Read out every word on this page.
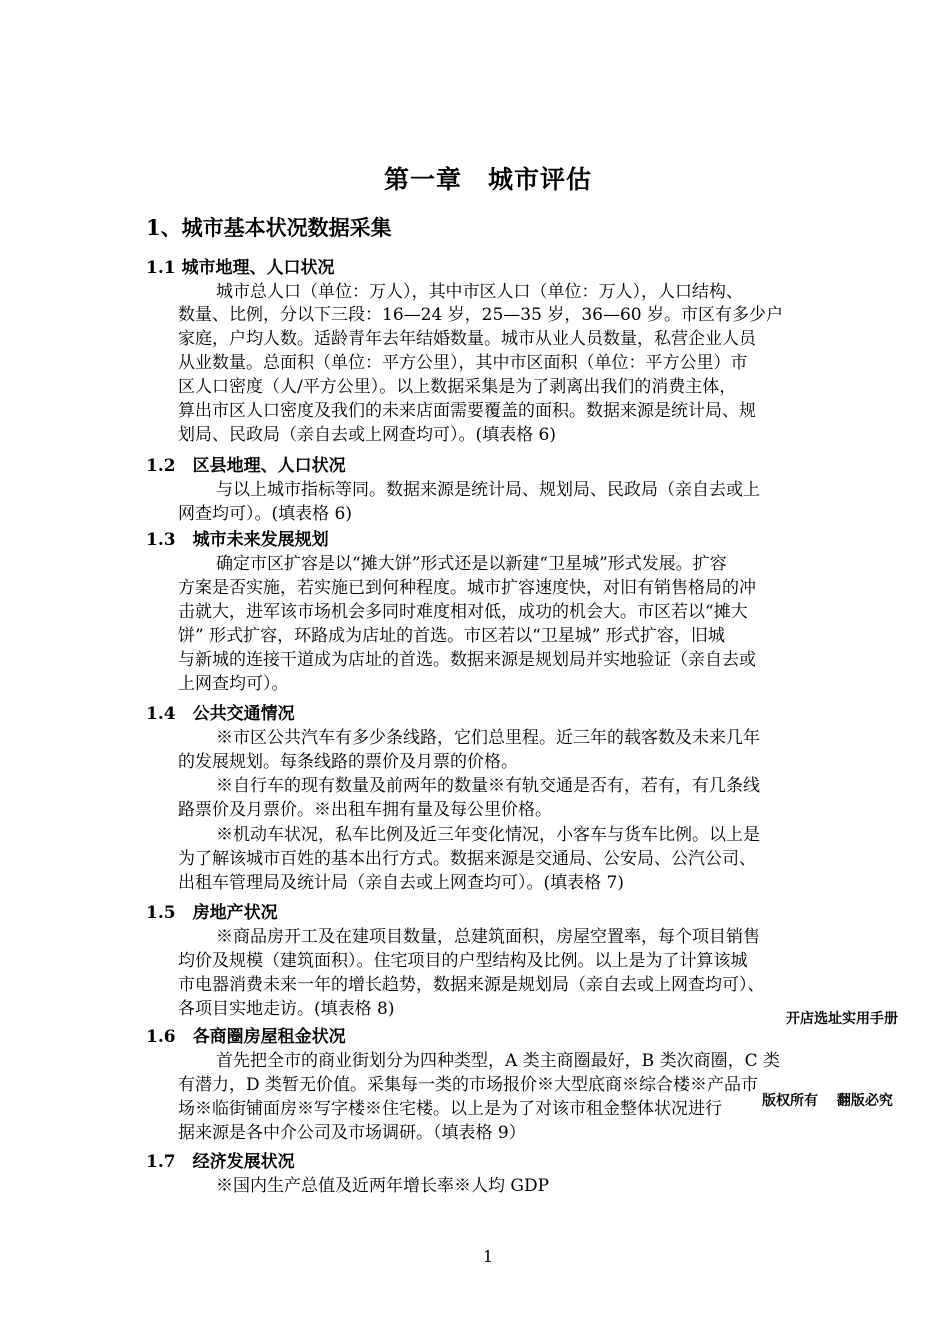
第一章　城市评估
1、城市基本状况数据采集
1.1 城市地理、人口状况
城市总人口（单位：万人），其中市区人口（单位：万人），人口结构、
数量、比例，分以下三段：16—24 岁，25—35 岁，36—60 岁。市区有多少户
家庭，户均人数。适龄青年去年结婚数量。城市从业人员数量，私营企业人员
从业数量。总面积（单位：平方公里），其中市区面积（单位：平方公里）市
区人口密度（人/平方公里）。以上数据采集是为了剥离出我们的消费主体，
算出市区人口密度及我们的未来店面需要覆盖的面积。数据来源是统计局、规
划局、民政局（亲自去或上网查均可）。(填表格 6)
1.2　区县地理、人口状况
与以上城市指标等同。数据来源是统计局、规划局、民政局（亲自去或上
网查均可）。(填表格 6)
1.3　城市未来发展规划
确定市区扩容是以“摊大饼”形式还是以新建“卫星城”形式发展。扩容
方案是否实施，若实施已到何种程度。城市扩容速度快，对旧有销售格局的冲
击就大，进军该市场机会多同时难度相对低，成功的机会大。市区若以“摊大
饼” 形式扩容，环路成为店址的首选。市区若以“卫星城” 形式扩容，旧城
与新城的连接干道成为店址的首选。数据来源是规划局并实地验证（亲自去或
上网查均可）。
1.4　公共交通情况
※市区公共汽车有多少条线路，它们总里程。近三年的载客数及未来几年
的发展规划。每条线路的票价及月票的价格。
※自行车的现有数量及前两年的数量※有轨交通是否有，若有，有几条线
路票价及月票价。※出租车拥有量及每公里价格。
※机动车状况，私车比例及近三年变化情况，小客车与货车比例。以上是
为了解该城市百姓的基本出行方式。数据来源是交通局、公安局、公汽公司、
出租车管理局及统计局（亲自去或上网查均可）。(填表格 7)
1.5　房地产状况
※商品房开工及在建项目数量，总建筑面积，房屋空置率，每个项目销售
均价及规模（建筑面积）。住宅项目的户型结构及比例。以上是为了计算该城
市电器消费未来一年的增长趋势，数据来源是规划局（亲自去或上网查均可）、
各项目实地走访。(填表格 8)
1.6　各商圈房屋租金状况
首先把全市的商业街划分为四种类型，A 类主商圈最好，B 类次商圈，C 类
有潜力，D 类暂无价值。采集每一类的市场报价※大型底商※综合楼※产品市
场※临街铺面房※写字楼※住宅楼。以上是为了对该市租金整体状况进行
据来源是各中介公司及市场调研。（填表格 9）
1.7　经济发展状况
※国内生产总值及近两年增长率※人均 GDP
开店选址实用手册
版权所有　 翻版必究
1
